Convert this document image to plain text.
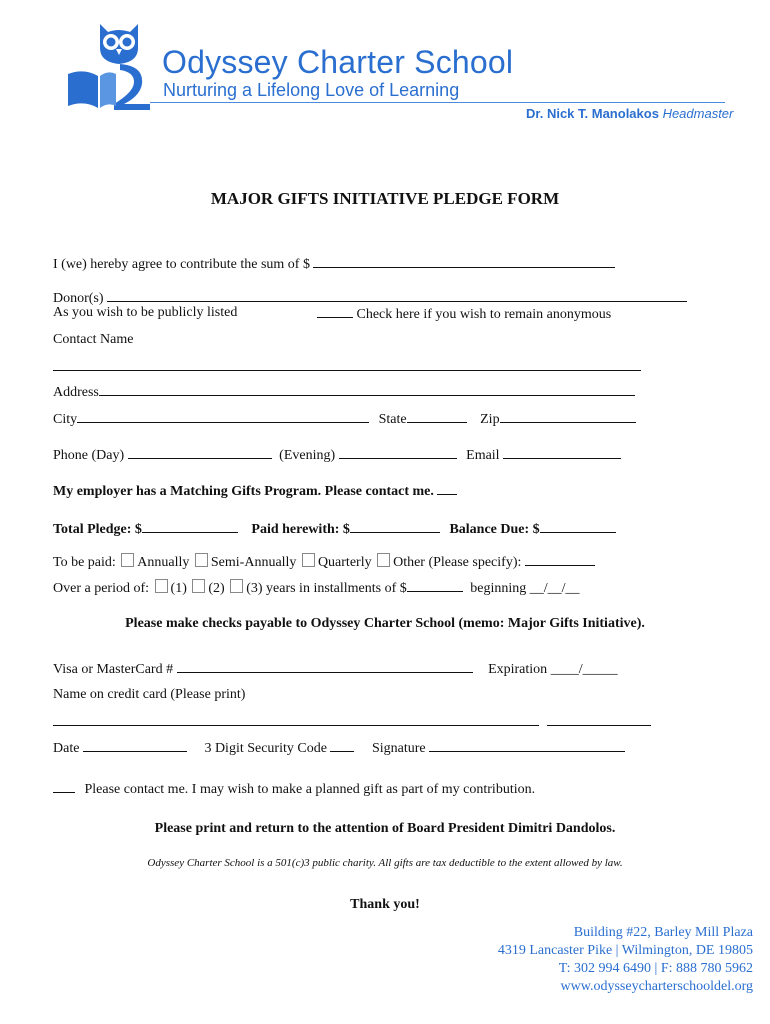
Odyssey Charter School
Nurturing a Lifelong Love of Learning
Dr. Nick T. Manolakos Headmaster
MAJOR GIFTS INITIATIVE PLEDGE FORM
I (we) hereby agree to contribute the sum of $
Donor(s)
As you wish to be publicly listed	Check here if you wish to remain anonymous
Contact Name
Address
City	State	Zip
Phone (Day)	(Evening)	Email
My employer has a Matching Gifts Program. Please contact me.
Total Pledge: $	Paid herewith: $	Balance Due: $
To be paid: Annually Semi-Annually Quarterly Other (Please specify):
Over a period of: (1) (2) (3) years in installments of $	beginning __/__/__
Please make checks payable to Odyssey Charter School (memo: Major Gifts Initiative).
Visa or MasterCard #	Expiration ____/_____
Name on credit card (Please print)

Date	3 Digit Security Code	Signature
Please contact me. I may wish to make a planned gift as part of my contribution.
Please print and return to the attention of Board President Dimitri Dandolos.
Odyssey Charter School is a 501(c)3 public charity. All gifts are tax deductible to the extent allowed by law.
Thank you!
Building #22, Barley Mill Plaza
4319 Lancaster Pike | Wilmington, DE 19805
T: 302 994 6490 | F: 888 780 5962
www.odysseycharterschooldel.org
